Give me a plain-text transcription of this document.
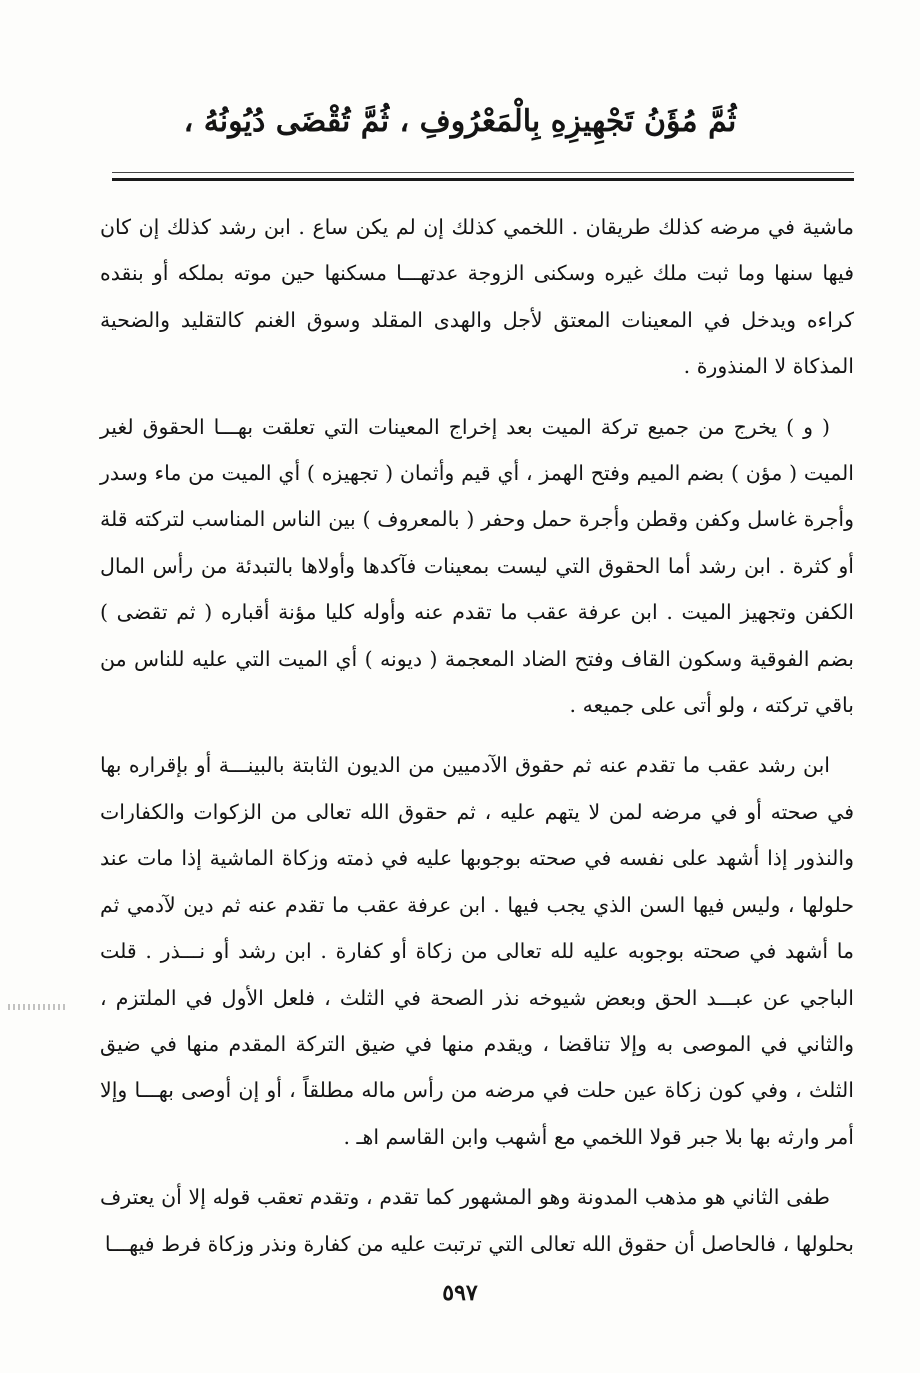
ثُمَّ مُؤَنُ تَجْهِيزِهِ بِالْمَعْرُوفِ ، ثُمَّ تُقْضَى دُيُونُهُ ،

ماشية في مرضه كذلك طريقان . اللخمي كذلك إن لم يكن ساع . ابن رشد كذلك إن كان فيها سنها وما ثبت ملك غيره وسكنى الزوجة عدتهـــا مسكنها حين موته بملكه أو بنقده كراءه ويدخل في المعينات المعتق لأجل والهدى المقلد وسوق الغنم كالتقليد والضحية المذكاة لا المنذورة .

( و ) يخرج من جميع تركة الميت بعد إخراج المعينات التي تعلقت بهـــا الحقوق لغير الميت ( مؤن ) بضم الميم وفتح الهمز ، أي قيم وأثمان ( تجهيزه ) أي الميت من ماء وسدر وأجرة غاسل وكفن وقطن وأجرة حمل وحفر ( بالمعروف ) بين الناس المناسب لتركته قلة أو كثرة . ابن رشد أما الحقوق التي ليست بمعينات فآكدها وأولاها بالتبدئة من رأس المال الكفن وتجهيز الميت . ابن عرفة عقب ما تقدم عنه وأوله كليا مؤنة أقباره ( ثم تقضى ) بضم الفوقية وسكون القاف وفتح الضاد المعجمة ( ديونه ) أي الميت التي عليه للناس من باقي تركته ، ولو أتى على جميعه .

ابن رشد عقب ما تقدم عنه ثم حقوق الآدميين من الديون الثابتة بالبينـــة أو بإقراره بها في صحته أو في مرضه لمن لا يتهم عليه ، ثم حقوق الله تعالى من الزكوات والكفارات والنذور إذا أشهد على نفسه في صحته بوجوبها عليه في ذمته وزكاة الماشية إذا مات عند حلولها ، وليس فيها السن الذي يجب فيها . ابن عرفة عقب ما تقدم عنه ثم دين لآدمي ثم ما أشهد في صحته بوجوبه عليه لله تعالى من زكاة أو كفارة . ابن رشد أو نـــذر . قلت الباجي عن عبـــد الحق وبعض شيوخه نذر الصحة في الثلث ، فلعل الأول في الملتزم ، والثاني في الموصى به وإلا تناقضا ، ويقدم منها في ضيق التركة المقدم منها في ضيق الثلث ، وفي كون زكاة عين حلت في مرضه من رأس ماله مطلقاً ، أو إن أوصى بهـــا وإلا أمر وارثه بها بلا جبر قولا اللخمي مع أشهب وابن القاسم اهـ .

طفى الثاني هو مذهب المدونة وهو المشهور كما تقدم ، وتقدم تعقب قوله إلا أن يعترف بحلولها ، فالحاصل أن حقوق الله تعالى التي ترتبت عليه من كفارة ونذر وزكاة فرط فيهـــا

٥٩٧
